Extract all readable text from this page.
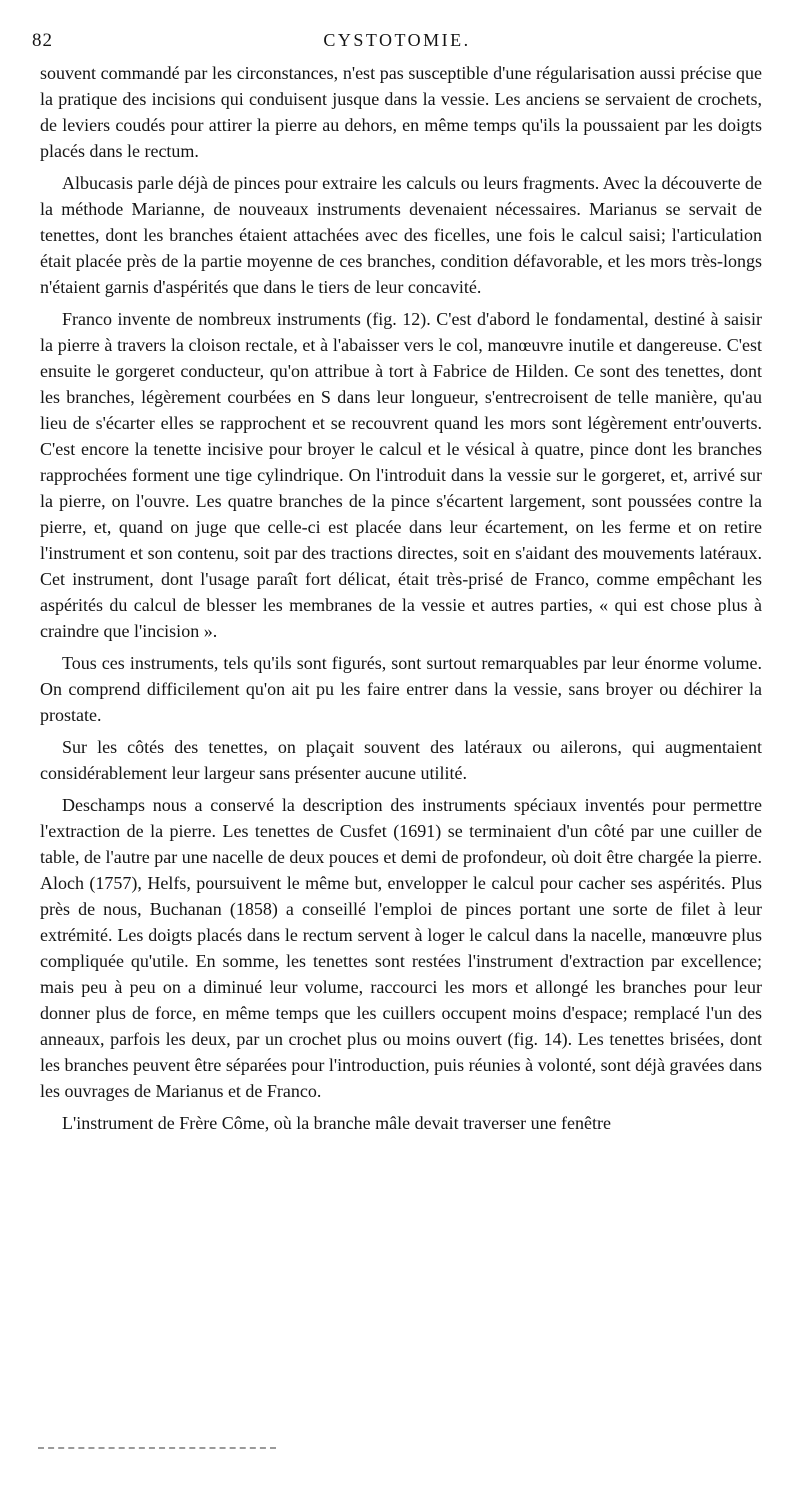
82	CYSTOTOMIE.

souvent commandé par les circonstances, n'est pas susceptible d'une régularisation aussi précise que la pratique des incisions qui conduisent jusque dans la vessie. Les anciens se servaient de crochets, de leviers coudés pour attirer la pierre au dehors, en même temps qu'ils la poussaient par les doigts placés dans le rectum.

Albucasis parle déjà de pinces pour extraire les calculs ou leurs fragments. Avec la découverte de la méthode Marianne, de nouveaux instruments devenaient nécessaires. Marianus se servait de tenettes, dont les branches étaient attachées avec des ficelles, une fois le calcul saisi; l'articulation était placée près de la partie moyenne de ces branches, condition défavorable, et les mors très-longs n'étaient garnis d'aspérités que dans le tiers de leur concavité.

Franco invente de nombreux instruments (fig. 12). C'est d'abord le fondamental, destiné à saisir la pierre à travers la cloison rectale, et à l'abaisser vers le col, manœuvre inutile et dangereuse. C'est ensuite le gorgeret conducteur, qu'on attribue à tort à Fabrice de Hilden. Ce sont des tenettes, dont les branches, légèrement courbées en S dans leur longueur, s'entrecroisent de telle manière, qu'au lieu de s'écarter elles se rapprochent et se recouvrent quand les mors sont légèrement entr'ouverts. C'est encore la tenette incisive pour broyer le calcul et le vésical à quatre, pince dont les branches rapprochées forment une tige cylindrique. On l'introduit dans la vessie sur le gorgeret, et, arrivé sur la pierre, on l'ouvre. Les quatre branches de la pince s'écartent largement, sont poussées contre la pierre, et, quand on juge que celle-ci est placée dans leur écartement, on les ferme et on retire l'instrument et son contenu, soit par des tractions directes, soit en s'aidant des mouvements latéraux. Cet instrument, dont l'usage paraît fort délicat, était très-prisé de Franco, comme empêchant les aspérités du calcul de blesser les membranes de la vessie et autres parties, « qui est chose plus à craindre que l'incision ».

Tous ces instruments, tels qu'ils sont figurés, sont surtout remarquables par leur énorme volume. On comprend difficilement qu'on ait pu les faire entrer dans la vessie, sans broyer ou déchirer la prostate.

Sur les côtés des tenettes, on plaçait souvent des latéraux ou ailerons, qui augmentaient considérablement leur largeur sans présenter aucune utilité.

Deschamps nous a conservé la description des instruments spéciaux inventés pour permettre l'extraction de la pierre. Les tenettes de Cusfet (1691) se terminaient d'un côté par une cuiller de table, de l'autre par une nacelle de deux pouces et demi de profondeur, où doit être chargée la pierre. Aloch (1757), Helfs, poursuivent le même but, envelopper le calcul pour cacher ses aspérités. Plus près de nous, Buchanan (1858) a conseillé l'emploi de pinces portant une sorte de filet à leur extrémité. Les doigts placés dans le rectum servent à loger le calcul dans la nacelle, manœuvre plus compliquée qu'utile. En somme, les tenettes sont restées l'instrument d'extraction par excellence; mais peu à peu on a diminué leur volume, raccourci les mors et allongé les branches pour leur donner plus de force, en même temps que les cuillers occupent moins d'espace; remplacé l'un des anneaux, parfois les deux, par un crochet plus ou moins ouvert (fig. 14). Les tenettes brisées, dont les branches peuvent être séparées pour l'introduction, puis réunies à volonté, sont déjà gravées dans les ouvrages de Marianus et de Franco.

L'instrument de Frère Côme, où la branche mâle devait traverser une fenêtre
